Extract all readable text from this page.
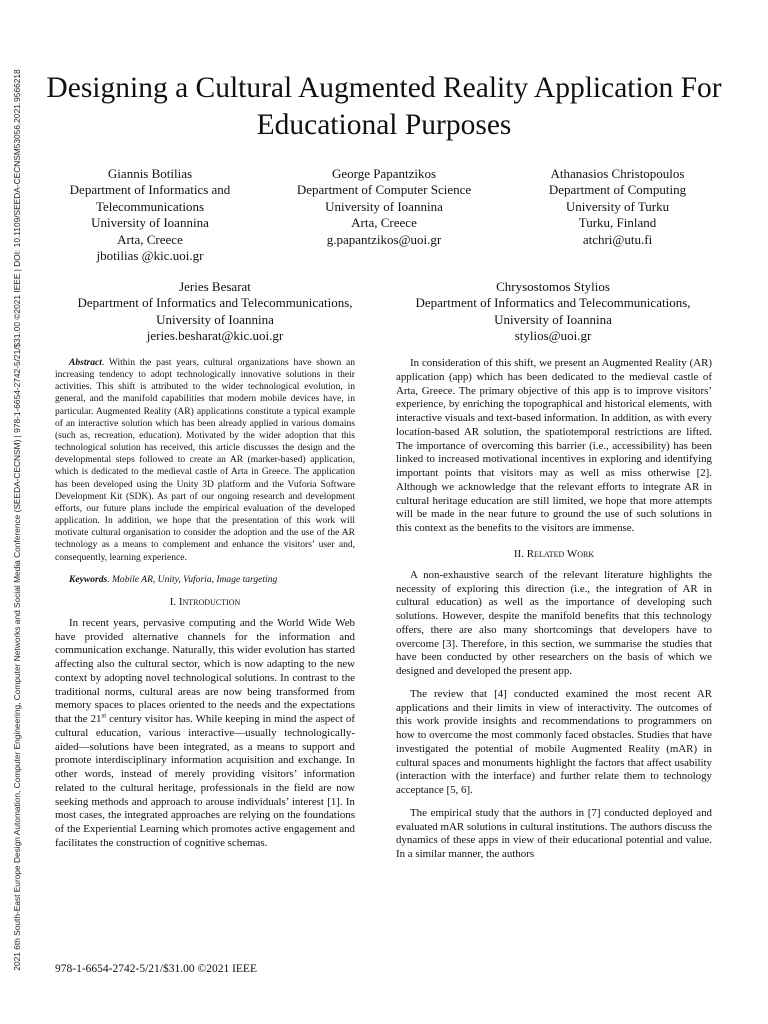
2021 6th South-East Europe Design Automation, Computer Engineering, Computer Networks and Social Media Conference (SEEDA-CECNSM) | 978-1-6654-2742-5/21/$31.00 ©2021 IEEE | DOI: 10.1109/SEEDA-CECNSM53056.2021.9566218 Designing a Cultural Augmented Reality Application For Educational Purposes
Giannis Botilias
Department of Informatics and
Telecommunications
University of Ioannina
Arta, Creece
jbotilias @kic.uoi.gr
George Papantzikos
Department of Computer Science
University of Ioannina
Arta, Creece
g.papantzikos@uoi.gr
Athanasios Christopoulos
Department of Computing
University of Turku
Turku, Finland
atchri@utu.fi
Jeries Besarat
Department of Informatics and Telecommunications,
University of Ioannina
jeries.besharat@kic.uoi.gr
Chrysostomos Stylios
Department of Informatics and Telecommunications,
University of Ioannina
stylios@uoi.gr

Abstract. Within the past years, cultural organizations have shown an increasing tendency to adopt technologically innovative solutions in their activities. This shift is attributed to the wider technological evolution, in general, and the manifold capabilities that modern mobile devices have, in particular. Augmented Reality (AR) applications constitute a typical example of an interactive solution which has been already applied in various domains (such as, recreation, education). Motivated by the wider adoption that this technological solution has received, this article discusses the design and the developmental steps followed to create an AR (marker-based) application, which is dedicated to the medieval castle of Arta in Greece. The application has been developed using the Unity 3D platform and the Vuforia Software Development Kit (SDK). As part of our ongoing research and development efforts, our future plans include the empirical evaluation of the developed application. In addition, we hope that the presentation of this work will motivate cultural organisation to consider the adoption and the use of the AR technology as a means to complement and enhance the visitors’ user and, consequently, learning experience.

Keywords. Mobile AR, Unity, Vuforia, Image targeting

I. Introduction

In recent years, pervasive computing and the World Wide Web have provided alternative channels for the information and communication exchange. Naturally, this wider evolution has started affecting also the cultural sector, which is now adapting to the new context by adopting novel technological solutions. In contrast to the traditional norms, cultural areas are now being transformed from memory spaces to places oriented to the needs and the expectations that the 21st century visitor has. While keeping in mind the aspect of cultural education, various interactive—usually technologically-aided—solutions have been integrated, as a means to support and promote interdisciplinary information acquisition and exchange. In other words, instead of merely providing visitors’ information related to the cultural heritage, professionals in the field are now seeking methods and approach to arouse individuals’ interest [1]. In most cases, the integrated approaches are relying on the foundations of the Experiential Learning which promotes active engagement and facilitates the construction of cognitive schemas.

In consideration of this shift, we present an Augmented Reality (AR) application (app) which has been dedicated to the medieval castle of Arta, Greece. The primary objective of this app is to improve visitors’ experience, by enriching the topographical and historical elements, with interactive visuals and text-based information. In addition, as with every location-based AR solution, the spatiotemporal restrictions are lifted. The importance of overcoming this barrier (i.e., accessibility) has been linked to increased motivational incentives in exploring and identifying important points that visitors may as well as miss otherwise [2]. Although we acknowledge that the relevant efforts to integrate AR in cultural heritage education are still limited, we hope that more attempts will be made in the near future to ground the use of such solutions in this context as the benefits to the visitors are immense.

II. Related Work

A non-exhaustive search of the relevant literature highlights the necessity of exploring this direction (i.e., the integration of AR in cultural education) as well as the importance of developing such solutions. However, despite the manifold benefits that this technology offers, there are also many shortcomings that developers have to overcome [3]. Therefore, in this section, we summarise the studies that have been conducted by other researchers on the basis of which we designed and developed the present app.

The review that [4] conducted examined the most recent AR applications and their limits in view of interactivity. The outcomes of this work provide insights and recommendations to programmers on how to overcome the most commonly faced obstacles. Studies that have investigated the potential of mobile Augmented Reality (mAR) in cultural spaces and monuments highlight the factors that affect usability (interaction with the interface) and further relate them to technology acceptance [5, 6].

The empirical study that the authors in [7] conducted deployed and evaluated mAR solutions in cultural institutions. The authors discuss the dynamics of these apps in view of their educational potential and value. In a similar manner, the authors

978-1-6654-2742-5/21/$31.00 ©2021 IEEE
